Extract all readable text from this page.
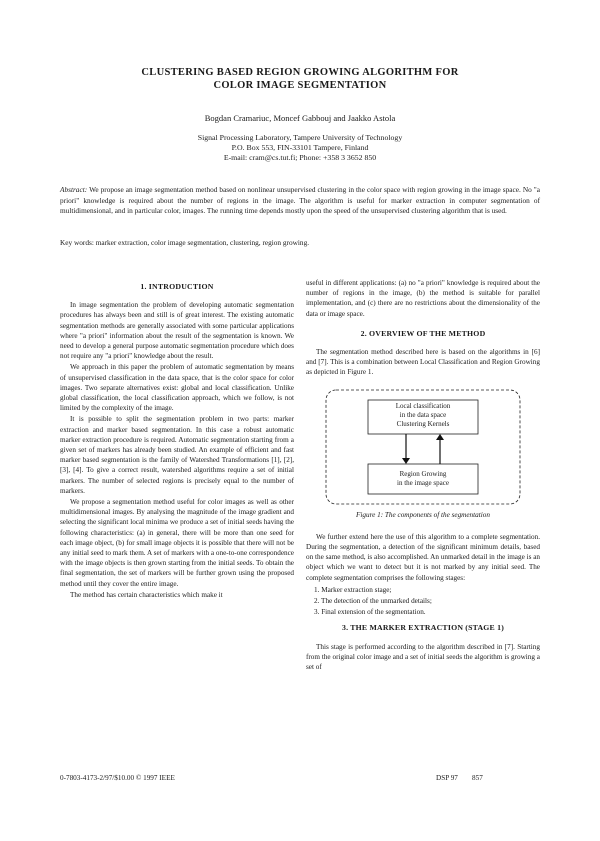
CLUSTERING BASED REGION GROWING ALGORITHM FOR
COLOR IMAGE SEGMENTATION
Bogdan Cramariuc, Moncef Gabbouj and Jaakko Astola
Signal Processing Laboratory, Tampere University of Technology
P.O. Box 553, FIN-33101 Tampere, Finland
E-mail: cram@cs.tut.fi; Phone: +358 3 3652 850
Abstract: We propose an image segmentation method based on nonlinear unsupervised clustering in the color space with region growing in the image space. No "a priori" knowledge is required about the number of regions in the image. The algorithm is useful for marker extraction in computer segmentation of multidimensional, and in particular color, images. The running time depends mostly upon the speed of the unsupervised clustering algorithm that is used.
Key words: marker extraction, color image segmentation, clustering, region growing.
1. INTRODUCTION

In image segmentation the problem of developing automatic segmentation procedures has always been and still is of great interest. The existing automatic segmentation methods are generally associated with some particular applications where "a priori" information about the result of the segmentation is known. We need to develop a general purpose automatic segmentation procedure which does not require any "a priori" knowledge about the result.

We approach in this paper the problem of automatic segmentation by means of unsupervised classification in the data space, that is the color space for color images. Two separate alternatives exist: global and local classification. Unlike global classification, the local classification approach, which we follow, is not limited by the complexity of the image.

It is possible to split the segmentation problem in two parts: marker extraction and marker based segmentation. In this case a robust automatic marker extraction procedure is required. Automatic segmentation starting from a given set of markers has already been studied. An example of efficient and fast marker based segmentation is the family of Watershed Transformations [1], [2], [3], [4]. To give a correct result, watershed algorithms require a set of initial markers. The number of selected regions is precisely equal to the number of markers.

We propose a segmentation method useful for color images as well as other multidimensional images. By analysing the magnitude of the image gradient and selecting the significant local minima we produce a set of initial seeds having the following characteristics: (a) in general, there will be more than one seed for each image object, (b) for small image objects it is possible that there will not be any initial seed to mark them. A set of markers with a one-to-one correspondence with the image objects is then grown starting from the initial seeds. To obtain the final segmentation, the set of markers will be further grown using the proposed method until they cover the entire image.

The method has certain characteristics which make it

useful in different applications: (a) no "a priori" knowledge is required about the number of regions in the image, (b) the method is suitable for parallel implementation, and (c) there are no restrictions about the dimensionality of the data or image space.

2. OVERVIEW OF THE METHOD

The segmentation method described here is based on the algorithms in [6] and [7]. This is a combination between Local Classification and Region Growing as depicted in Figure 1.

Local classification
in the data space
Clustering Kernels
Region Growing
in the image space
Figure 1: The components of the segmentation

We further extend here the use of this algorithm to a complete segmentation. During the segmentation, a detection of the significant minimum details, based on the same method, is also accomplished. An unmarked detail in the image is an object which we want to detect but it is not marked by any initial seed. The complete segmentation comprises the following stages:

1. Marker extraction stage;
2. The detection of the unmarked details;
3. Final extension of the segmentation.
3. THE MARKER EXTRACTION (STAGE 1)

This stage is performed according to the algorithm described in [7]. Starting from the original color image and a set of initial seeds the algorithm is growing a set of

0-7803-4173-2/97/$10.00 © 1997 IEEE	DSP 97 857
